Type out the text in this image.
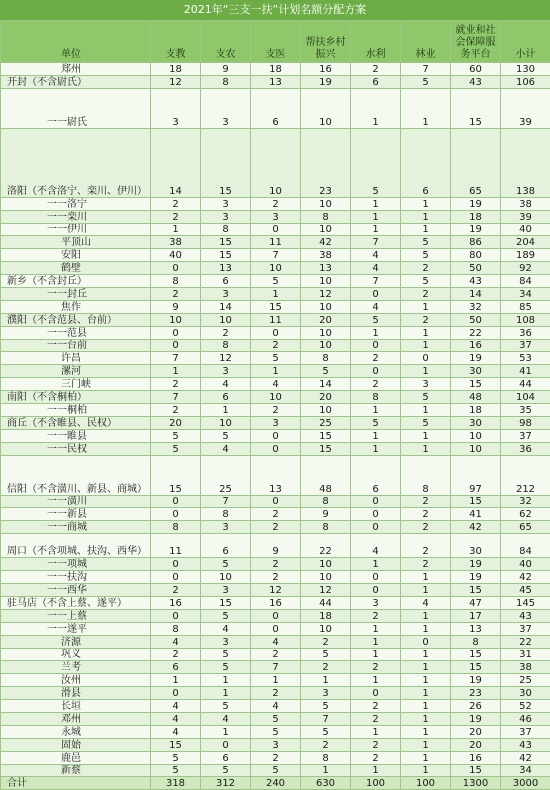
2021年“三支一扶”计划名额分配方案
单位	支教	支农	支医	帮扶乡村振兴	水利	林业	就业和社会保障服务平台	小计
郑州	18	9	18	16	2	7	60	130
开封（不含尉氏）	12	8	13	19	6	5	43	106
一一尉氏	3	3	6	10	1	1	15	39
洛阳（不含洛宁、栾川、伊川）	14	15	10	23	5	6	65	138
一一洛宁	2	3	2	10	1	1	19	38
一一栾川	2	3	3	8	1	1	18	39
一一伊川	1	8	0	10	1	1	19	40
平顶山	38	15	11	42	7	5	86	204
安阳	40	15	7	38	4	5	80	189
鹤壁	0	13	10	13	4	2	50	92
新乡（不含封丘）	8	6	5	10	7	5	43	84
一一封丘	2	3	1	12	0	2	14	34
焦作	9	14	15	10	4	1	32	85
濮阳（不含范县、台前）	10	10	11	20	5	2	50	108
一一范县	0	2	0	10	1	1	22	36
一一台前	0	8	2	10	0	1	16	37
许昌	7	12	5	8	2	0	19	53
漯河	1	3	1	5	0	1	30	41
三门峡	2	4	4	14	2	3	15	44
南阳（不含桐柏）	7	6	10	20	8	5	48	104
一一桐柏	2	1	2	10	1	1	18	35
商丘（不含睢县、民权）	20	10	3	25	5	5	30	98
一一睢县	5	5	0	15	1	1	10	37
一一民权	5	4	0	15	1	1	10	36
信阳（不含潢川、新县、商城）	15	25	13	48	6	8	97	212
一一潢川	0	7	0	8	0	2	15	32
一一新县	0	8	2	9	0	2	41	62
一一商城	8	3	2	8	0	2	42	65
周口（不含项城、扶沟、西华）	11	6	9	22	4	2	30	84
一一项城	0	5	2	10	1	2	19	40
一一扶沟	0	10	2	10	0	1	19	42
一一西华	2	3	12	12	0	1	15	45
驻马店（不含上蔡、遂平）	16	15	16	44	3	4	47	145
一一上蔡	0	5	0	18	2	1	17	43
一一遂平	8	4	0	10	1	1	13	37
济源	4	3	4	2	1	0	8	22
巩义	2	5	2	5	1	1	15	31
兰考	6	5	7	2	2	1	15	38
汝州	1	1	1	1	1	1	19	25
滑县	0	1	2	3	0	1	23	30
长垣	4	5	4	5	2	1	26	52
邓州	4	4	5	7	2	1	19	46
永城	4	1	5	5	1	1	20	37
固始	15	0	3	2	2	1	20	43
鹿邑	5	6	2	8	2	1	16	42
新蔡	5	5	5	1	1	1	15	34
合计	318	312	240	630	100	100	1300	3000
